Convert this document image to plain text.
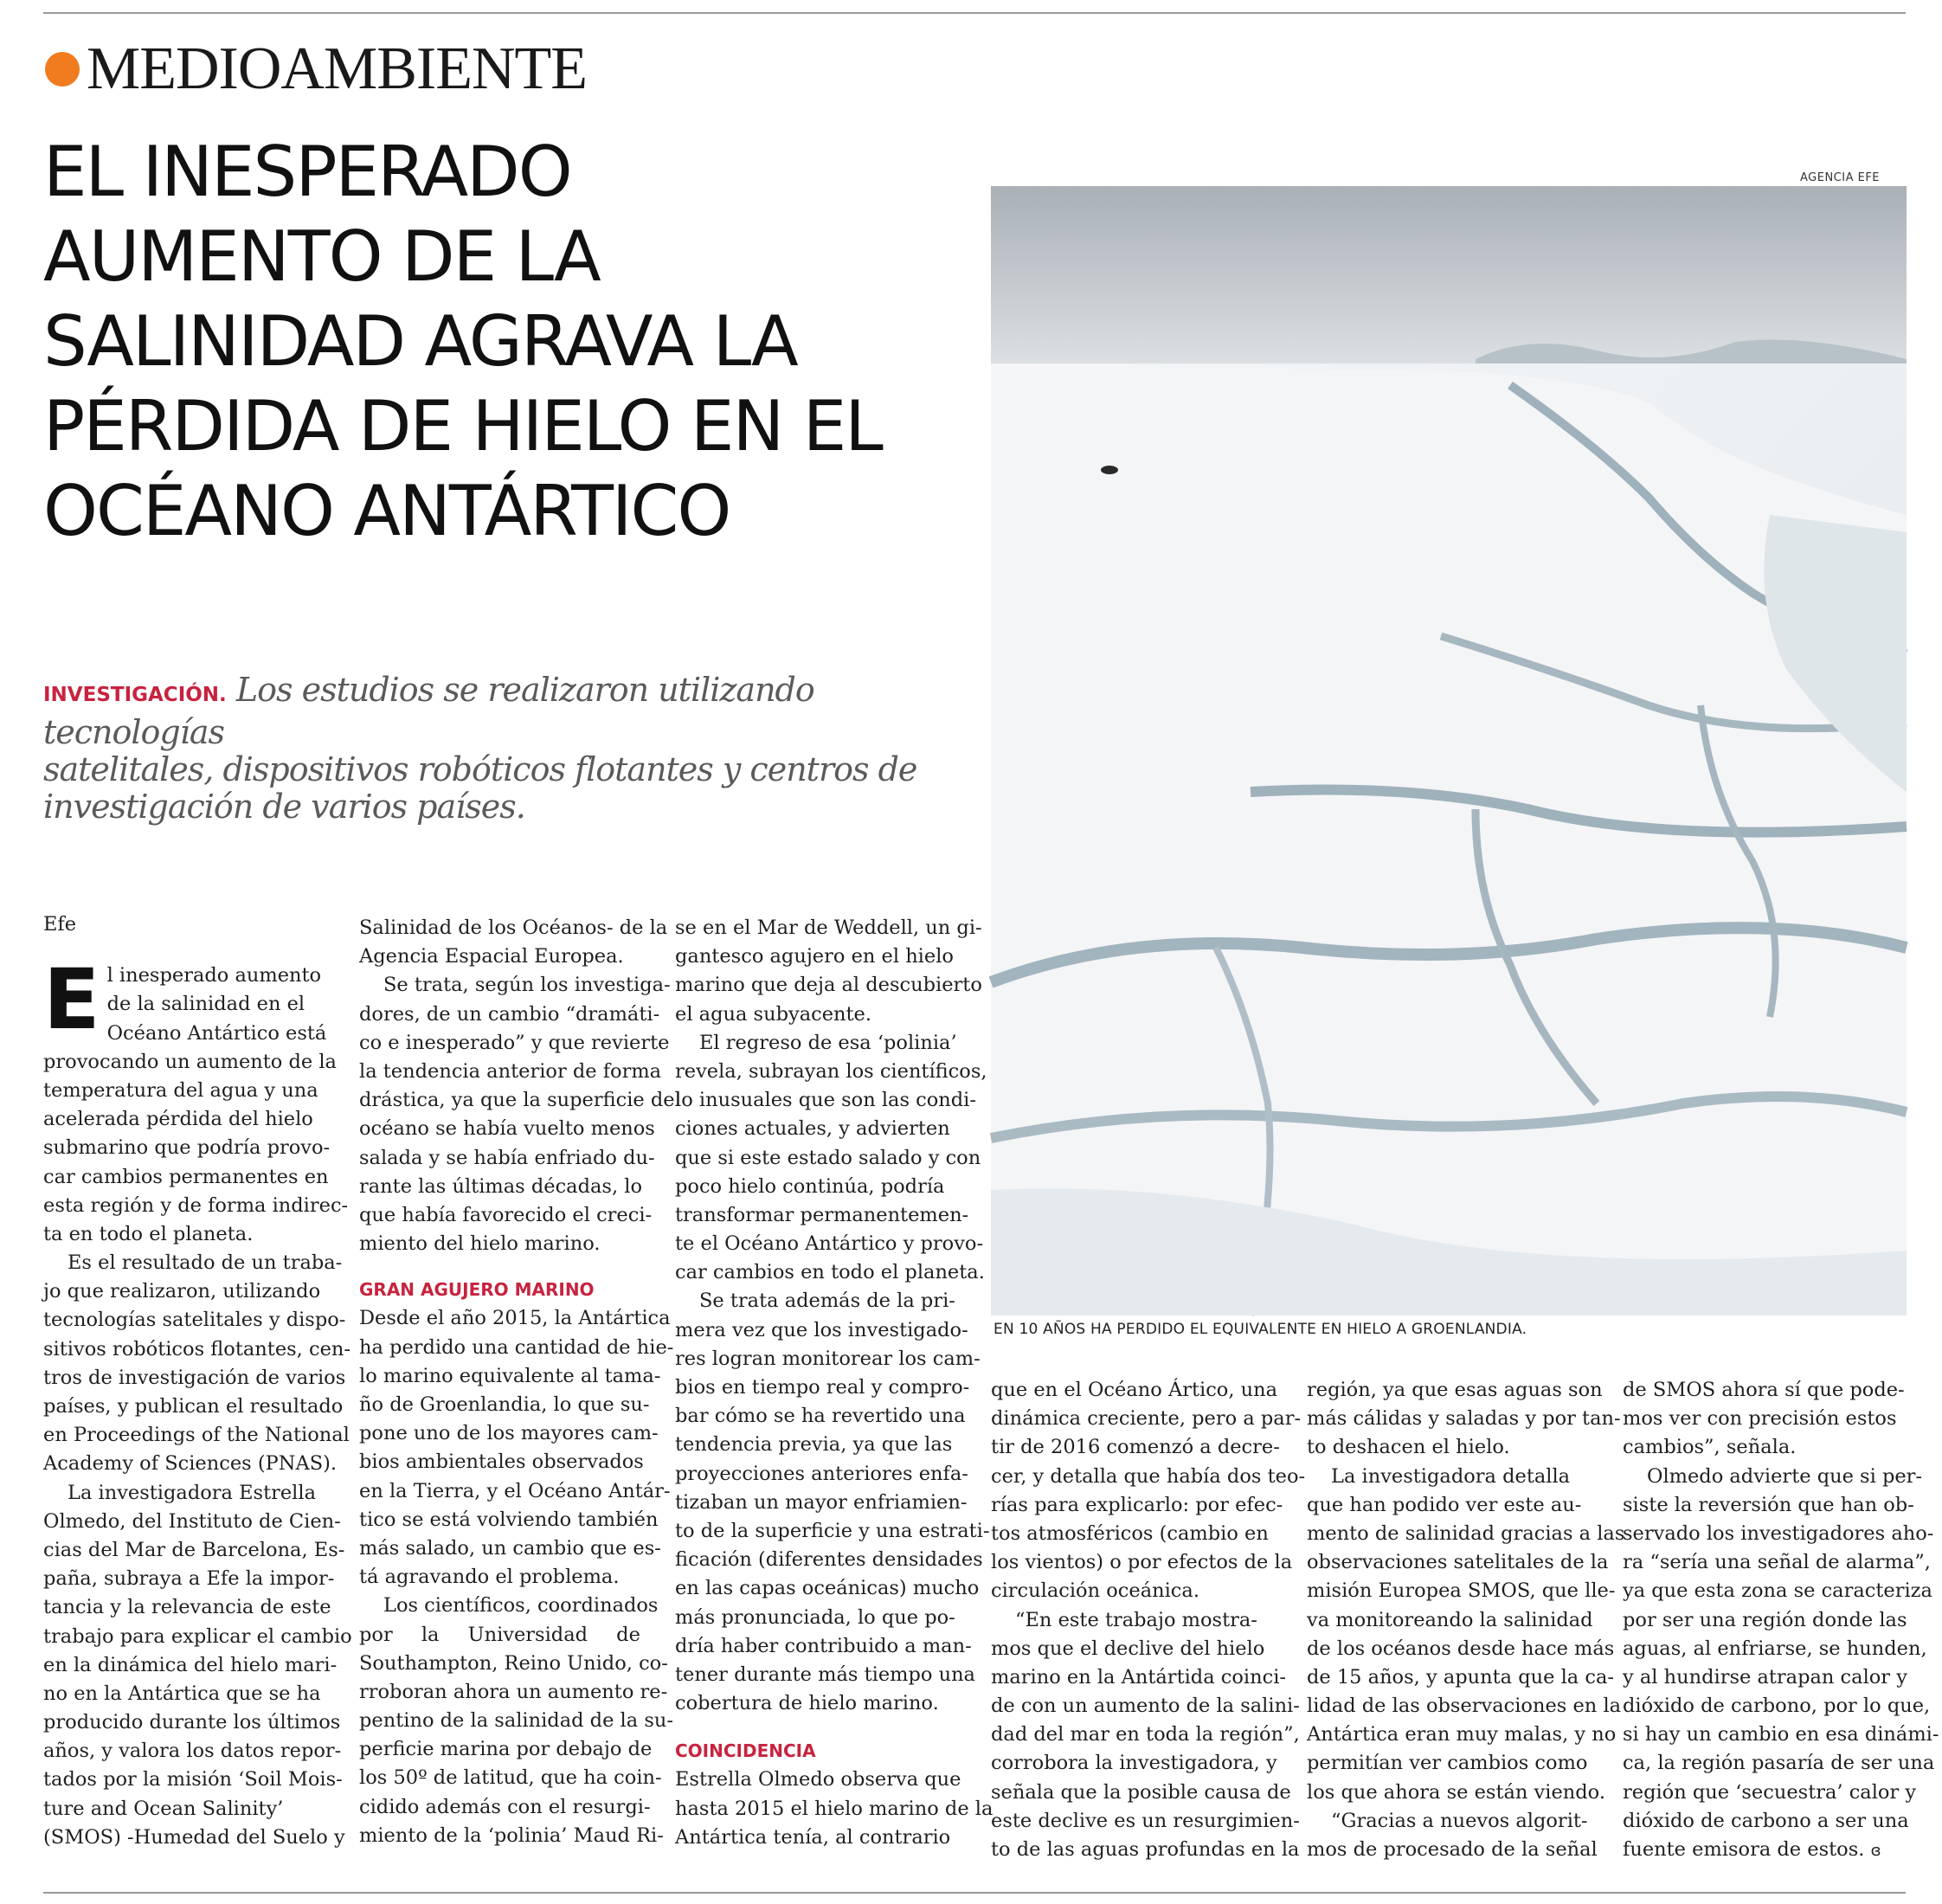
MEDIOAMBIENTE
EL INESPERADO
AUMENTO DE LA
SALINIDAD AGRAVA LA
PÉRDIDA DE HIELO EN EL
OCÉANO ANTÁRTICO
INVESTIGACIÓN. Los estudios se realizaron utilizando tecnologías
satelitales, dispositivos robóticos flotantes y centros de
investigación de varios países.
AGENCIA EFE
EN 10 AÑOS HA PERDIDO EL EQUIVALENTE EN HIELO A GROENLANDIA.
Efe
E l inesperado aumento
de la salinidad en el
Océano Antártico está
provocando un aumento de la
temperatura del agua y una
acelerada pérdida del hielo
submarino que podría provo-
car cambios permanentes en
esta región y de forma indirec-
ta en todo el planeta.
Es el resultado de un traba-
jo que realizaron, utilizando
tecnologías satelitales y dispo-
sitivos robóticos flotantes, cen-
tros de investigación de varios
países, y publican el resultado
en Proceedings of the National
Academy of Sciences (PNAS).
La investigadora Estrella
Olmedo, del Instituto de Cien-
cias del Mar de Barcelona, Es-
paña, subraya a Efe la impor-
tancia y la relevancia de este
trabajo para explicar el cambio
en la dinámica del hielo mari-
no en la Antártica que se ha
producido durante los últimos
años, y valora los datos repor-
tados por la misión ‘Soil Mois-
ture and Ocean Salinity’
(SMOS) -Humedad del Suelo y
Salinidad de los Océanos- de la
Agencia Espacial Europea.
Se trata, según los investiga-
dores, de un cambio “dramáti-
co e inesperado” y que revierte
la tendencia anterior de forma
drástica, ya que la superficie del
océano se había vuelto menos
salada y se había enfriado du-
rante las últimas décadas, lo
que había favorecido el creci-
miento del hielo marino.
GRAN AGUJERO MARINO
Desde el año 2015, la Antártica
ha perdido una cantidad de hie-
lo marino equivalente al tama-
ño de Groenlandia, lo que su-
pone uno de los mayores cam-
bios ambientales observados
en la Tierra, y el Océano Antár-
tico se está volviendo también
más salado, un cambio que es-
tá agravando el problema.
Los científicos, coordinados
por la Universidad de
Southampton, Reino Unido, co-
rroboran ahora un aumento re-
pentino de la salinidad de la su-
perficie marina por debajo de
los 50º de latitud, que ha coin-
cidido además con el resurgi-
miento de la ‘polinia’ Maud Ri-
se en el Mar de Weddell, un gi-
gantesco agujero en el hielo
marino que deja al descubierto
el agua subyacente.
El regreso de esa ‘polinia’
revela, subrayan los científicos,
lo inusuales que son las condi-
ciones actuales, y advierten
que si este estado salado y con
poco hielo continúa, podría
transformar permanentemen-
te el Océano Antártico y provo-
car cambios en todo el planeta.
Se trata además de la pri-
mera vez que los investigado-
res logran monitorear los cam-
bios en tiempo real y compro-
bar cómo se ha revertido una
tendencia previa, ya que las
proyecciones anteriores enfa-
tizaban un mayor enfriamien-
to de la superficie y una estrati-
ficación (diferentes densidades
en las capas oceánicas) mucho
más pronunciada, lo que po-
dría haber contribuido a man-
tener durante más tiempo una
cobertura de hielo marino.
COINCIDENCIA
Estrella Olmedo observa que
hasta 2015 el hielo marino de la
Antártica tenía, al contrario
que en el Océano Ártico, una
dinámica creciente, pero a par-
tir de 2016 comenzó a decre-
cer, y detalla que había dos teo-
rías para explicarlo: por efec-
tos atmosféricos (cambio en
los vientos) o por efectos de la
circulación oceánica.
“En este trabajo mostra-
mos que el declive del hielo
marino en la Antártida coinci-
de con un aumento de la salini-
dad del mar en toda la región”,
corrobora la investigadora, y
señala que la posible causa de
este declive es un resurgimien-
to de las aguas profundas en la
región, ya que esas aguas son
más cálidas y saladas y por tan-
to deshacen el hielo.
La investigadora detalla
que han podido ver este au-
mento de salinidad gracias a las
observaciones satelitales de la
misión Europea SMOS, que lle-
va monitoreando la salinidad
de los océanos desde hace más
de 15 años, y apunta que la ca-
lidad de las observaciones en la
Antártica eran muy malas, y no
permitían ver cambios como
los que ahora se están viendo.
“Gracias a nuevos algorit-
mos de procesado de la señal
de SMOS ahora sí que pode-
mos ver con precisión estos
cambios”, señala.
Olmedo advierte que si per-
siste la reversión que han ob-
servado los investigadores aho-
ra “sería una señal de alarma”,
ya que esta zona se caracteriza
por ser una región donde las
aguas, al enfriarse, se hunden,
y al hundirse atrapan calor y
dióxido de carbono, por lo que,
si hay un cambio en esa dinámi-
ca, la región pasaría de ser una
región que ‘secuestra’ calor y
dióxido de carbono a ser una
fuente emisora de estos. ɞ
